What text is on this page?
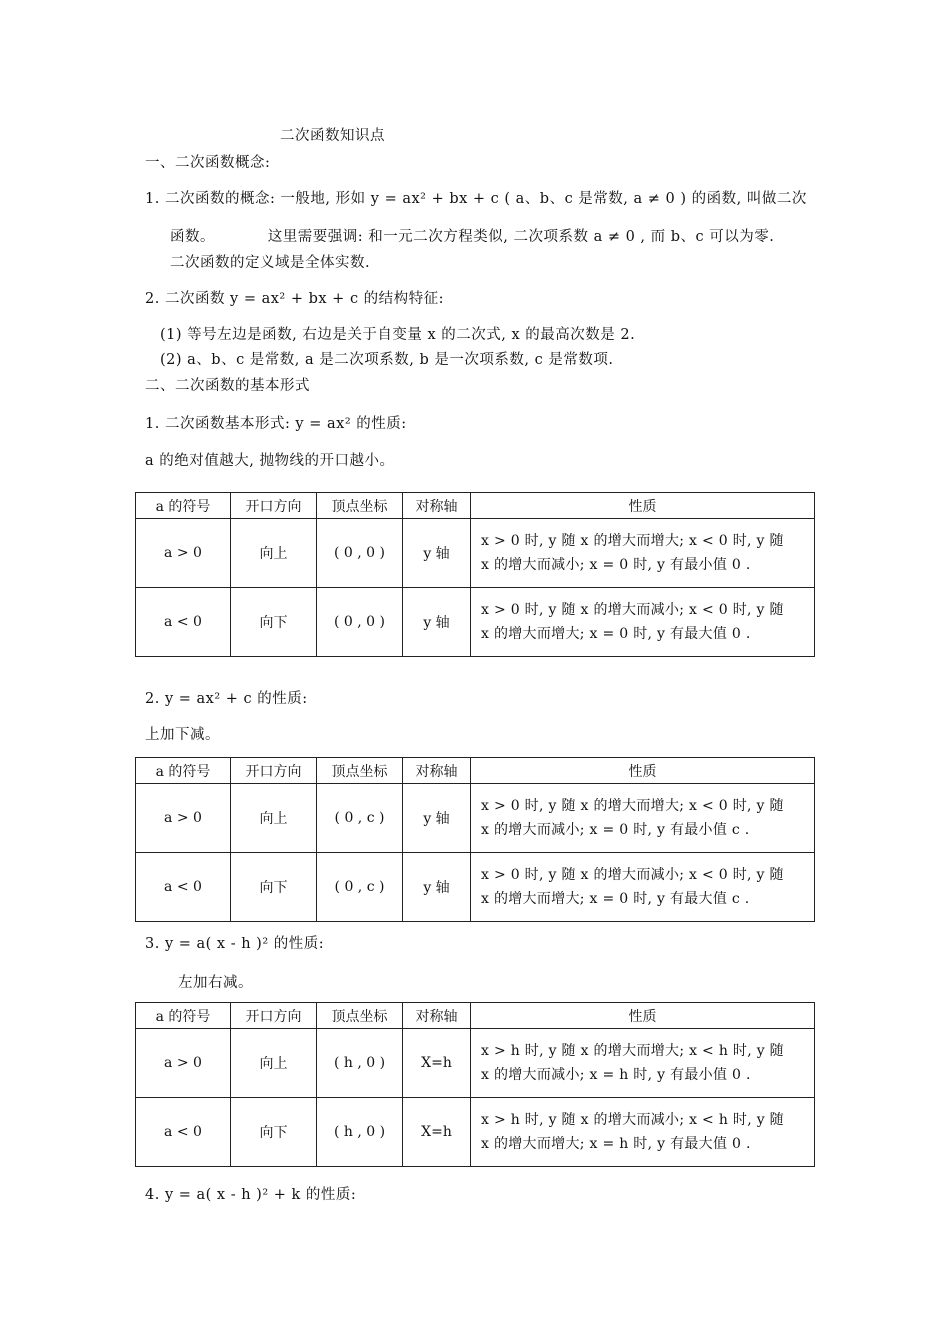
二次函数知识点
一、二次函数概念:
1. 二次函数的概念: 一般地, 形如 y = ax² + bx + c ( a、b、c 是常数, a ≠ 0 ) 的函数, 叫做二次
函数。　　　　这里需要强调: 和一元二次方程类似, 二次项系数 a ≠ 0 , 而 b、c 可以为零.
二次函数的定义域是全体实数.
2. 二次函数 y = ax² + bx + c 的结构特征:
(1) 等号左边是函数, 右边是关于自变量 x 的二次式, x 的最高次数是 2.
(2) a、b、c 是常数, a 是二次项系数, b 是一次项系数, c 是常数项.
二、二次函数的基本形式
1. 二次函数基本形式: y = ax² 的性质:
a 的绝对值越大, 抛物线的开口越小。
a 的符号	开口方向	顶点坐标	对称轴	性质
a > 0	向上	( 0 , 0 )	y 轴	x > 0 时, y 随 x 的增大而增大; x < 0 时, y 随
x 的增大而减小; x = 0 时, y 有最小值 0 .
a < 0	向下	( 0 , 0 )	y 轴	x > 0 时, y 随 x 的增大而减小; x < 0 时, y 随
x 的增大而增大; x = 0 时, y 有最大值 0 .
2. y = ax² + c 的性质:
上加下减。
a 的符号	开口方向	顶点坐标	对称轴	性质
a > 0	向上	( 0 , c )	y 轴	x > 0 时, y 随 x 的增大而增大; x < 0 时, y 随
x 的增大而减小; x = 0 时, y 有最小值 c .
a < 0	向下	( 0 , c )	y 轴	x > 0 时, y 随 x 的增大而减小; x < 0 时, y 随
x 的增大而增大; x = 0 时, y 有最大值 c .
3. y = a( x - h )² 的性质:
左加右减。
a 的符号	开口方向	顶点坐标	对称轴	性质
a > 0	向上	( h , 0 )	X=h	x > h 时, y 随 x 的增大而增大; x < h 时, y 随
x 的增大而减小; x = h 时, y 有最小值 0 .
a < 0	向下	( h , 0 )	X=h	x > h 时, y 随 x 的增大而减小; x < h 时, y 随
x 的增大而增大; x = h 时, y 有最大值 0 .
4. y = a( x - h )² + k 的性质:
